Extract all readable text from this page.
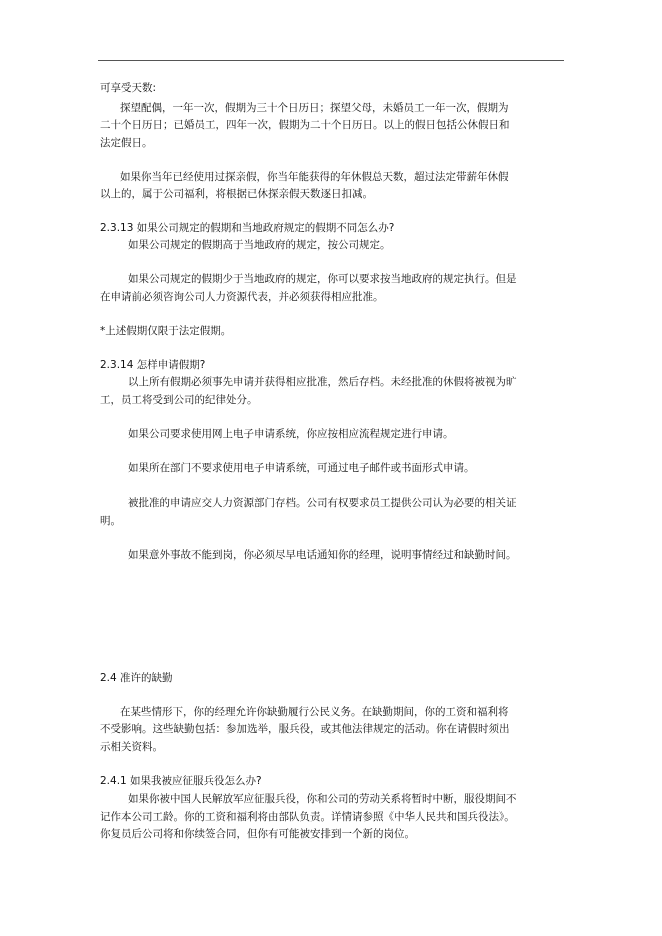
可享受天数:
探望配偶，一年一次，假期为三十个日历日；探望父母，未婚员工一年一次，假期为
二十个日历日；已婚员工，四年一次，假期为二十个日历日。以上的假日包括公休假日和
法定假日。
如果你当年已经使用过探亲假，你当年能获得的年休假总天数，超过法定带薪年休假
以上的，属于公司福利，将根据已休探亲假天数逐日扣减。
2.3.13 如果公司规定的假期和当地政府规定的假期不同怎么办?
如果公司规定的假期高于当地政府的规定，按公司规定。
如果公司规定的假期少于当地政府的规定，你可以要求按当地政府的规定执行。但是
在申请前必须咨询公司人力资源代表，并必须获得相应批准。
*上述假期仅限于法定假期。
2.3.14 怎样申请假期?
以上所有假期必须事先申请并获得相应批准，然后存档。未经批准的休假将被视为旷
工，员工将受到公司的纪律处分。
如果公司要求使用网上电子申请系统，你应按相应流程规定进行申请。
如果所在部门不要求使用电子申请系统，可通过电子邮件或书面形式申请。
被批准的申请应交人力资源部门存档。公司有权要求员工提供公司认为必要的相关证
明。
如果意外事故不能到岗，你必须尽早电话通知你的经理，说明事情经过和缺勤时间。
2.4 准许的缺勤
在某些情形下，你的经理允许你缺勤履行公民义务。在缺勤期间，你的工资和福利将
不受影响。这些缺勤包括：参加选举，服兵役，或其他法律规定的活动。你在请假时须出
示相关资料。
2.4.1 如果我被应征服兵役怎么办?
如果你被中国人民解放军应征服兵役，你和公司的劳动关系将暂时中断，服役期间不
记作本公司工龄。你的工资和福利将由部队负责。详情请参照《中华人民共和国兵役法》。
你复员后公司将和你续签合同，但你有可能被安排到一个新的岗位。
